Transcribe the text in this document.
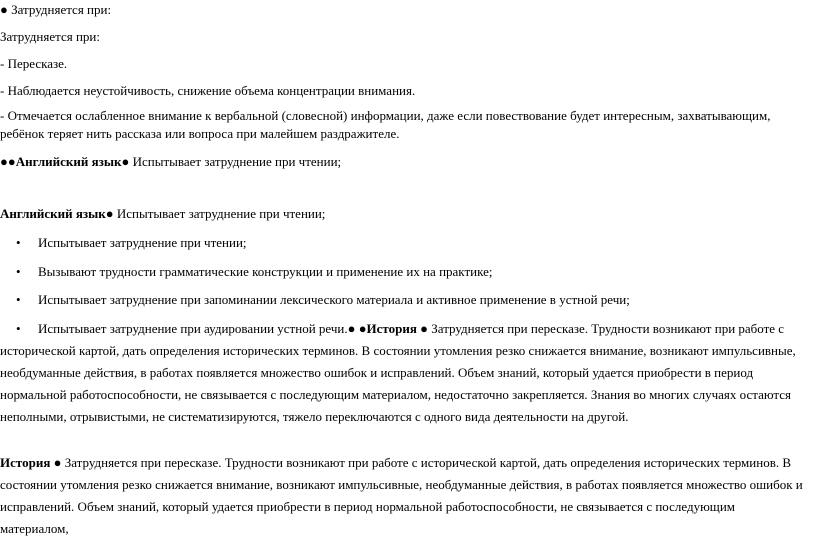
● Затрудняется при:
Затрудняется при:
- Пересказе.
- Наблюдается неустойчивость, снижение объема концентрации внимания.
- Отмечается ослабленное внимание к вербальной (словесной) информации, даже если повествование будет интересным, захватывающим, ребёнок теряет нить рассказа или вопроса при малейшем раздражителе.
●●Английский язык● Испытывает затруднение при чтении;
Английский язык● Испытывает затруднение при чтении;
• Испытывает затруднение при чтении;
• Вызывают трудности грамматические конструкции и применение их на практике;
• Испытывает затруднение при запоминании лексического материала и активное применение в устной речи;
•	Испытывает затруднение при аудировании устной речи.● ●История ● Затрудняется при пересказе. Трудности возникают при работе с исторической картой, дать определения исторических терминов. В состоянии утомления резко снижается внимание, возникают импульсивные, необдуманные действия, в работах появляется множество ошибок и исправлений. Объем знаний, который удается приобрести в период нормальной работоспособности, не связывается с последующим материалом, недостаточно закрепляется. Знания во многих случаях остаются неполными, отрывистыми, не систематизируются, тяжело переключаются с одного вида деятельности на другой.
История ● Затрудняется при пересказе. Трудности возникают при работе с исторической картой, дать определения исторических терминов. В состоянии утомления резко снижается внимание, возникают импульсивные, необдуманные действия, в работах появляется множество ошибок и исправлений. Объем знаний, который удается приобрести в период нормальной работоспособности, не связывается с последующим материалом,
